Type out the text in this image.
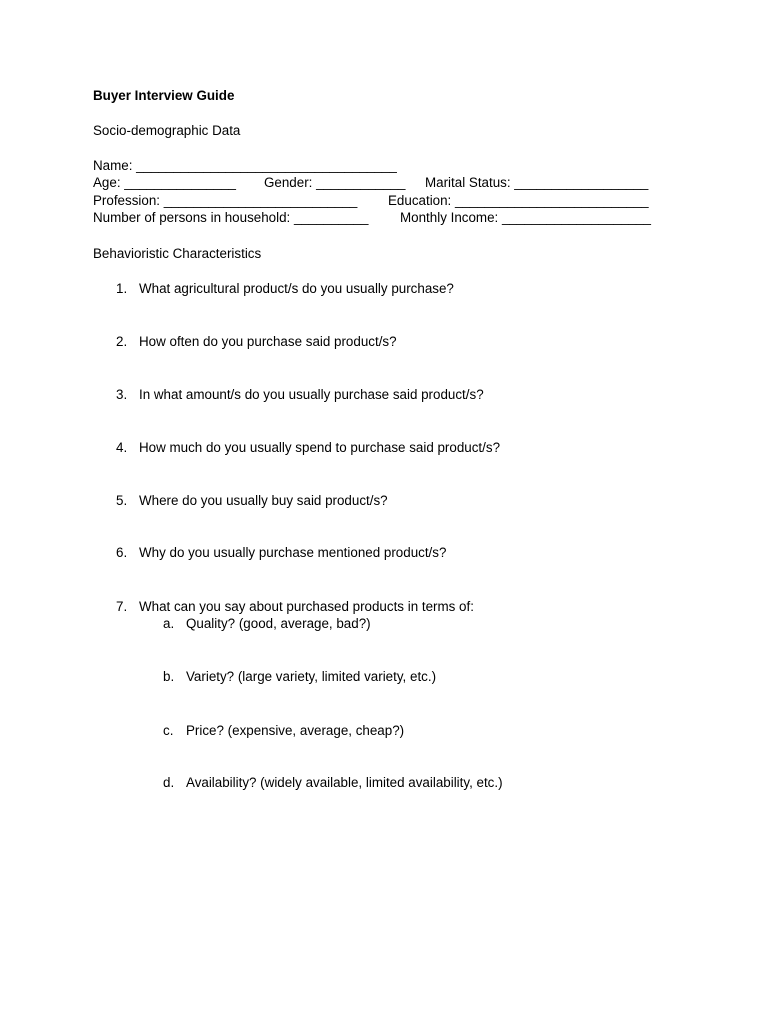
Buyer Interview Guide
Socio-demographic Data
Name: ___________________________________
Age: _______________ Gender: ____________ Marital Status: __________________
Profession: __________________________ Education: __________________________
Number of persons in household: __________ Monthly Income: ____________________
Behavioristic Characteristics
1. What agricultural product/s do you usually purchase?
2. How often do you purchase said product/s?
3. In what amount/s do you usually purchase said product/s?
4. How much do you usually spend to purchase said product/s?
5. Where do you usually buy said product/s?
6. Why do you usually purchase mentioned product/s?
7. What can you say about purchased products in terms of:
a. Quality? (good, average, bad?)
b. Variety? (large variety, limited variety, etc.)
c. Price? (expensive, average, cheap?)
d. Availability? (widely available, limited availability, etc.)
